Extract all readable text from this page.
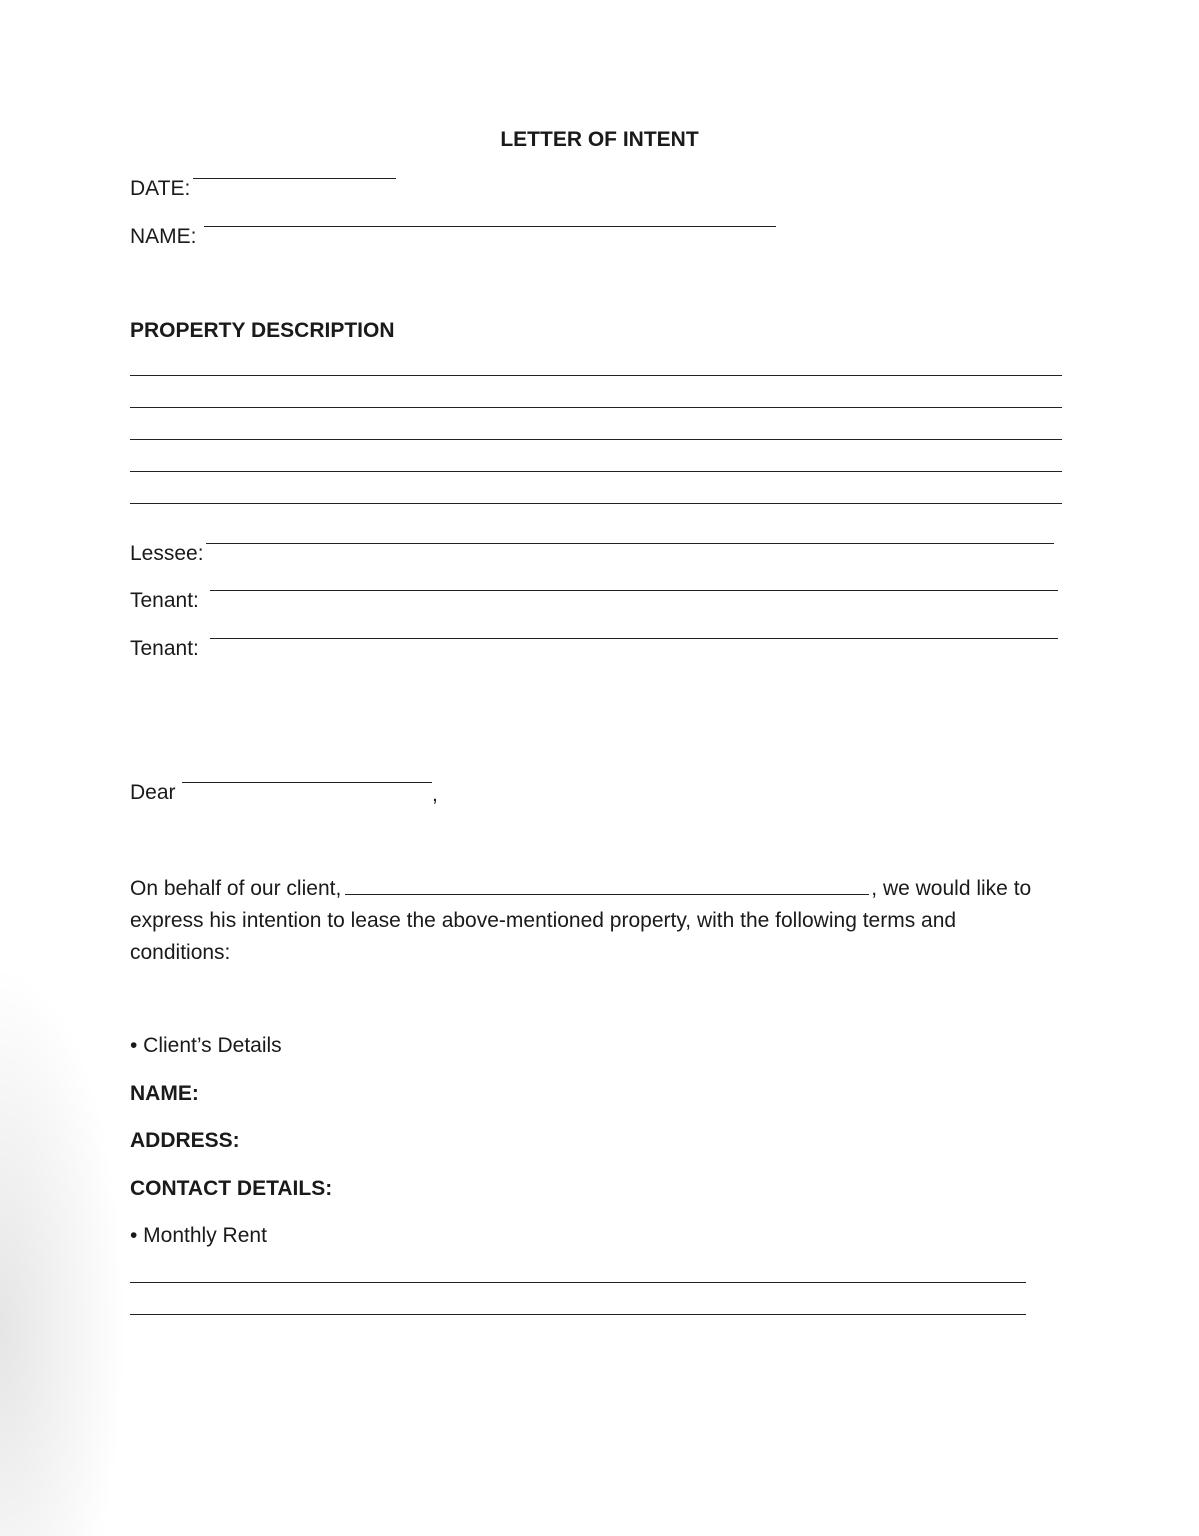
LETTER OF INTENT
DATE:
NAME:
PROPERTY DESCRIPTION
Lessee:
Tenant:
Tenant:
Dear	,
On behalf of our client,	, we would like to
express his intention to lease the above-mentioned property, with the following terms and
conditions:
• Client’s Details
NAME:
ADDRESS:
CONTACT DETAILS:
• Monthly Rent
